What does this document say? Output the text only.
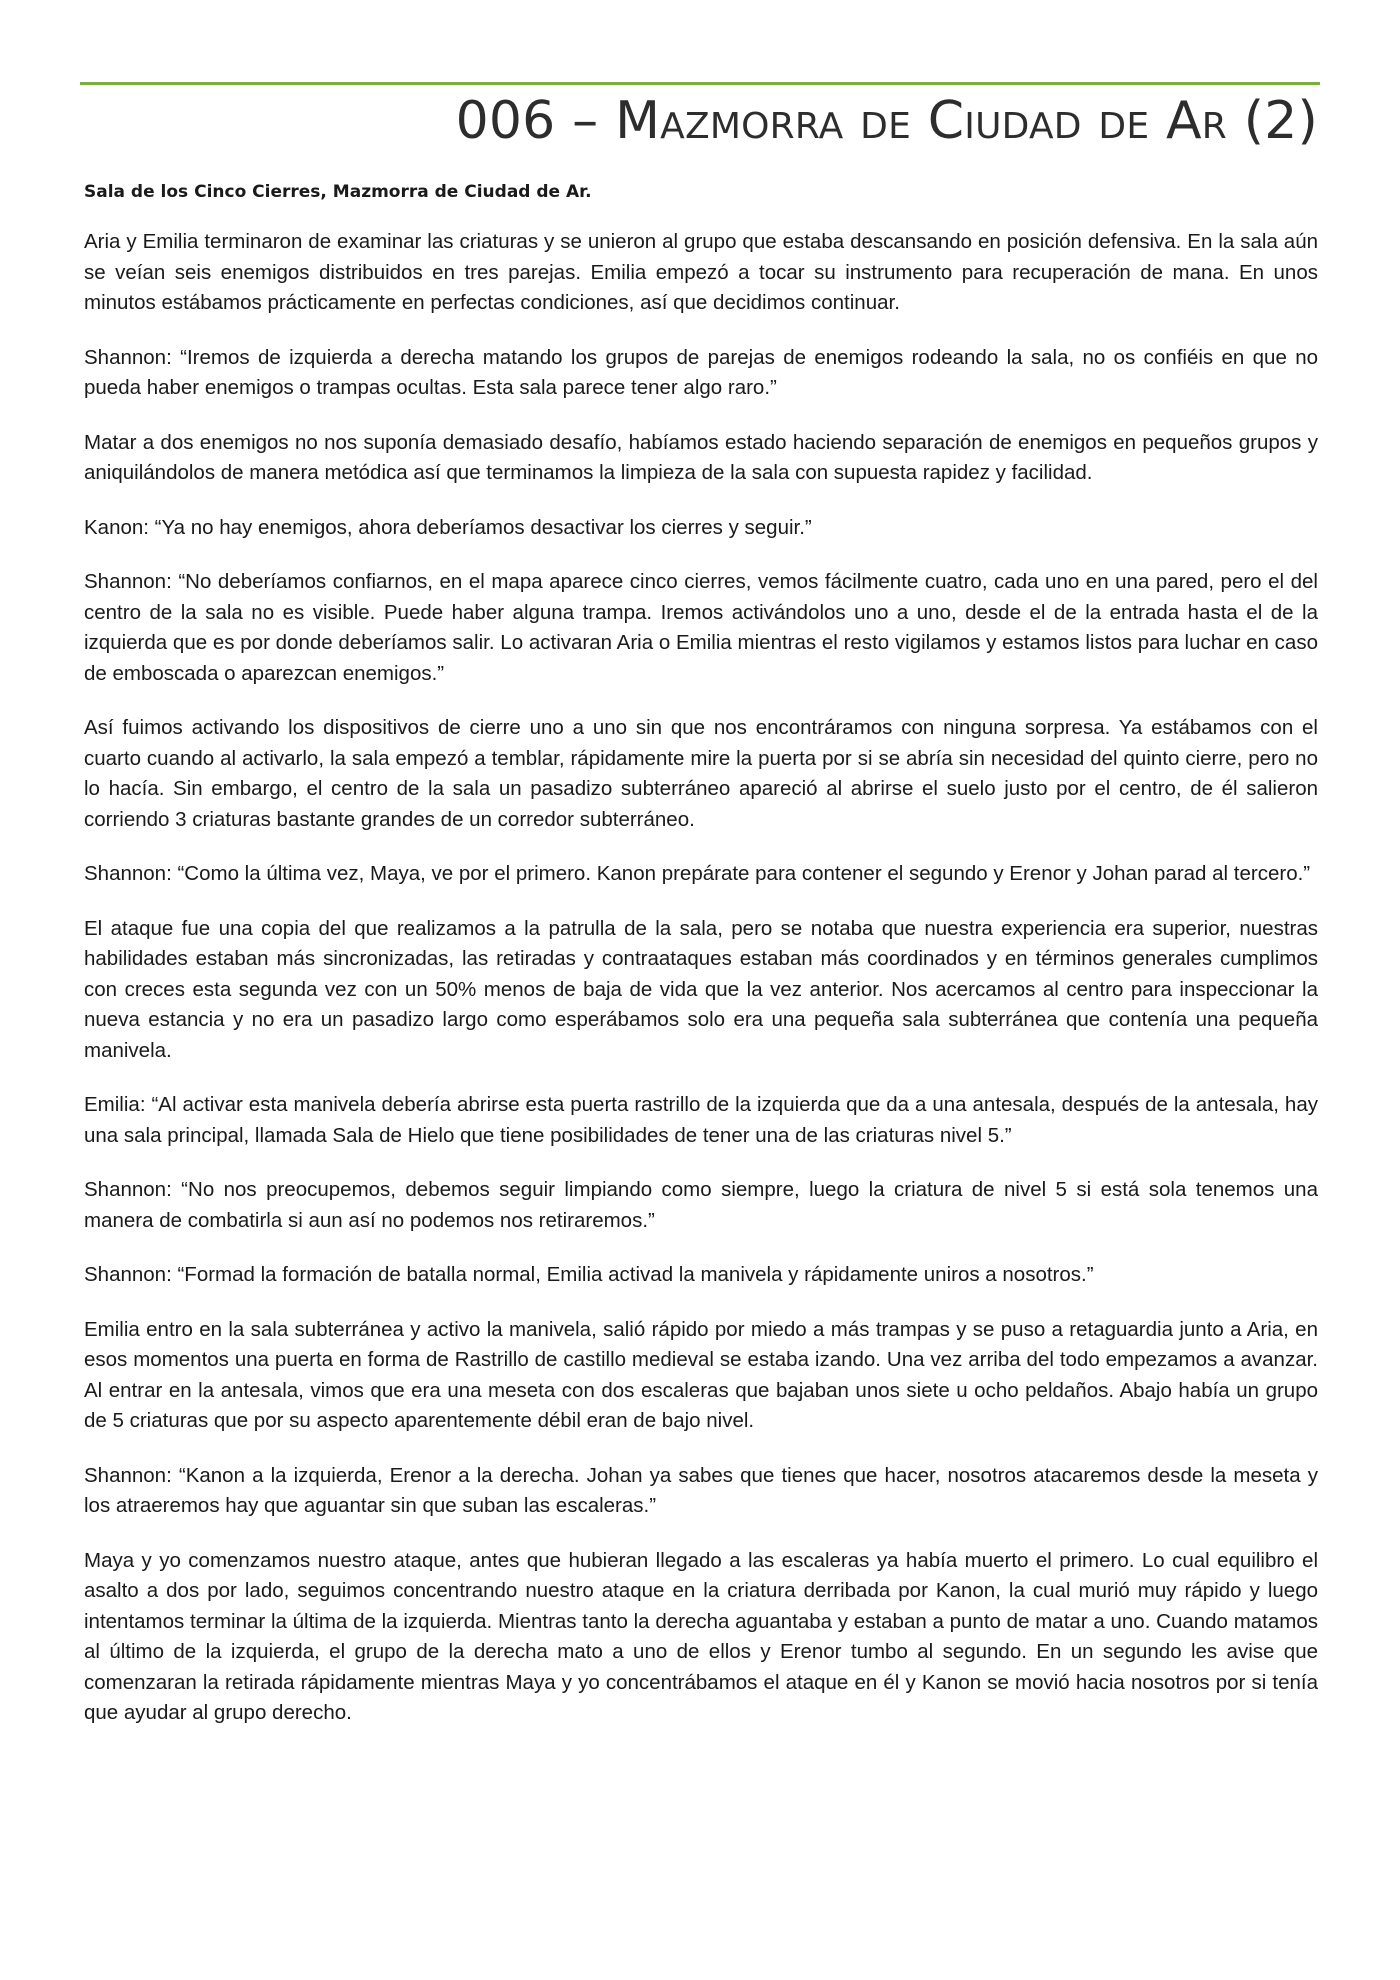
006 – Mazmorra de Ciudad de Ar (2)

Sala de los Cinco Cierres, Mazmorra de Ciudad de Ar.

Aria y Emilia terminaron de examinar las criaturas y se unieron al grupo que estaba descansando en posición defensiva. En la sala aún se veían seis enemigos distribuidos en tres parejas. Emilia empezó a tocar su instrumento para recuperación de mana. En unos minutos estábamos prácticamente en perfectas condiciones, así que decidimos continuar.

Shannon: “Iremos de izquierda a derecha matando los grupos de parejas de enemigos rodeando la sala, no os confiéis en que no pueda haber enemigos o trampas ocultas. Esta sala parece tener algo raro.”

Matar a dos enemigos no nos suponía demasiado desafío, habíamos estado haciendo separación de enemigos en pequeños grupos y aniquilándolos de manera metódica así que terminamos la limpieza de la sala con supuesta rapidez y facilidad.

Kanon: “Ya no hay enemigos, ahora deberíamos desactivar los cierres y seguir.”

Shannon: “No deberíamos confiarnos, en el mapa aparece cinco cierres, vemos fácilmente cuatro, cada uno en una pared, pero el del centro de la sala no es visible. Puede haber alguna trampa. Iremos activándolos uno a uno, desde el de la entrada hasta el de la izquierda que es por donde deberíamos salir. Lo activaran Aria o Emilia mientras el resto vigilamos y estamos listos para luchar en caso de emboscada o aparezcan enemigos.”

Así fuimos activando los dispositivos de cierre uno a uno sin que nos encontráramos con ninguna sorpresa. Ya estábamos con el cuarto cuando al activarlo, la sala empezó a temblar, rápidamente mire la puerta por si se abría sin necesidad del quinto cierre, pero no lo hacía. Sin embargo, el centro de la sala un pasadizo subterráneo apareció al abrirse el suelo justo por el centro, de él salieron corriendo 3 criaturas bastante grandes de un corredor subterráneo.

Shannon: “Como la última vez, Maya, ve por el primero. Kanon prepárate para contener el segundo y Erenor y Johan parad al tercero.”

El ataque fue una copia del que realizamos a la patrulla de la sala, pero se notaba que nuestra experiencia era superior, nuestras habilidades estaban más sincronizadas, las retiradas y contraataques estaban más coordinados y en términos generales cumplimos con creces esta segunda vez con un 50% menos de baja de vida que la vez anterior. Nos acercamos al centro para inspeccionar la nueva estancia y no era un pasadizo largo como esperábamos solo era una pequeña sala subterránea que contenía una pequeña manivela.

Emilia: “Al activar esta manivela debería abrirse esta puerta rastrillo de la izquierda que da a una antesala, después de la antesala, hay una sala principal, llamada Sala de Hielo que tiene posibilidades de tener una de las criaturas nivel 5.”

Shannon: “No nos preocupemos, debemos seguir limpiando como siempre, luego la criatura de nivel 5 si está sola tenemos una manera de combatirla si aun así no podemos nos retiraremos.”

Shannon: “Formad la formación de batalla normal, Emilia activad la manivela y rápidamente uniros a nosotros.”

Emilia entro en la sala subterránea y activo la manivela, salió rápido por miedo a más trampas y se puso a retaguardia junto a Aria, en esos momentos una puerta en forma de Rastrillo de castillo medieval se estaba izando. Una vez arriba del todo empezamos a avanzar. Al entrar en la antesala, vimos que era una meseta con dos escaleras que bajaban unos siete u ocho peldaños. Abajo había un grupo de 5 criaturas que por su aspecto aparentemente débil eran de bajo nivel.

Shannon: “Kanon a la izquierda, Erenor a la derecha. Johan ya sabes que tienes que hacer, nosotros atacaremos desde la meseta y los atraeremos hay que aguantar sin que suban las escaleras.”

Maya y yo comenzamos nuestro ataque, antes que hubieran llegado a las escaleras ya había muerto el primero. Lo cual equilibro el asalto a dos por lado, seguimos concentrando nuestro ataque en la criatura derribada por Kanon, la cual murió muy rápido y luego intentamos terminar la última de la izquierda. Mientras tanto la derecha aguantaba y estaban a punto de matar a uno. Cuando matamos al último de la izquierda, el grupo de la derecha mato a uno de ellos y Erenor tumbo al segundo. En un segundo les avise que comenzaran la retirada rápidamente mientras Maya y yo concentrábamos el ataque en él y Kanon se movió hacia nosotros por si tenía que ayudar al grupo derecho.
